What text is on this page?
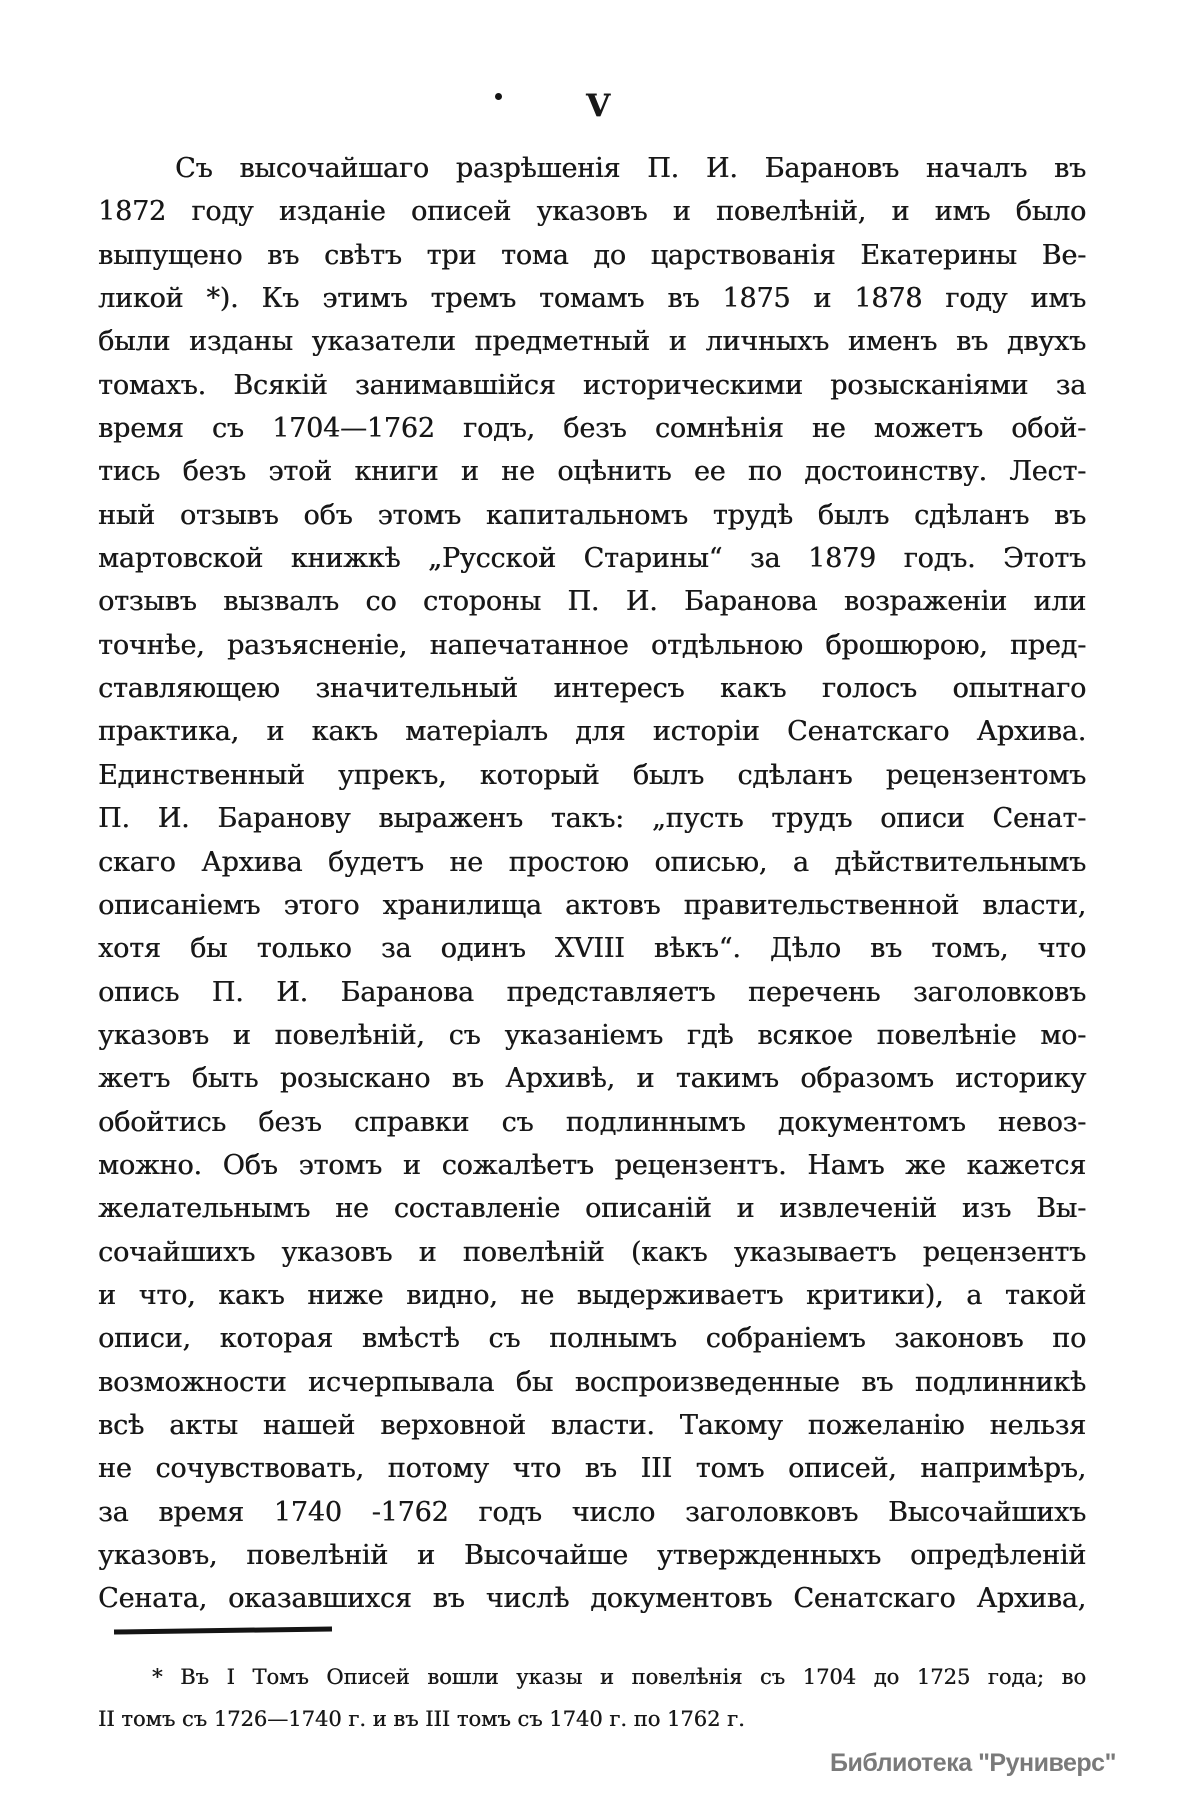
V
Съ высочайшаго разрѣшенія П. И. Барановъ началъ въ
1872 году изданіе описей указовъ и повелѣній, и имъ было
выпущено въ свѣтъ три тома до царствованія Екатерины Ве-
ликой *). Къ этимъ тремъ томамъ въ 1875 и 1878 году имъ
были изданы указатели предметный и личныхъ именъ въ двухъ
томахъ. Всякій занимавшійся историческими розысканіями за
время съ 1704—1762 годъ, безъ сомнѣнія не можетъ обой-
тись безъ этой книги и не оцѣнить ее по достоинству. Лест-
ный отзывъ объ этомъ капитальномъ трудѣ былъ сдѣланъ въ
мартовской книжкѣ „Русской Старины“ за 1879 годъ. Этотъ
отзывъ вызвалъ со стороны П. И. Баранова возраженіи или
точнѣе, разъясненіе, напечатанное отдѣльною брошюрою, пред-
ставляющею значительный интересъ какъ голосъ опытнаго
практика, и какъ матеріалъ для исторіи Сенатскаго Архива.
Единственный упрекъ, который былъ сдѣланъ рецензентомъ
П. И. Баранову выраженъ такъ: „пусть трудъ описи Сенат-
скаго Архива будетъ не простою описью, а дѣйствительнымъ
описаніемъ этого хранилища актовъ правительственной власти,
хотя бы только за одинъ XVIII вѣкъ“. Дѣло въ томъ, что
опись П. И. Баранова представляетъ перечень заголовковъ
указовъ и повелѣній, съ указаніемъ гдѣ всякое повелѣніе мо-
жетъ быть розыскано въ Архивѣ, и такимъ образомъ историку
обойтись безъ справки съ подлиннымъ документомъ невоз-
можно. Объ этомъ и сожалѣетъ рецензентъ. Намъ же кажется
желательнымъ не составленіе описаній и извлеченій изъ Вы-
сочайшихъ указовъ и повелѣній (какъ указываетъ рецензентъ
и что, какъ ниже видно, не выдерживаетъ критики), а такой
описи, которая вмѣстѣ съ полнымъ собраніемъ законовъ по
возможности исчерпывала бы воспроизведенные въ подлинникѣ
всѣ акты нашей верховной власти. Такому пожеланію нельзя
не сочувствовать, потому что въ III томъ описей, напримѣръ,
за время 1740 -1762 годъ число заголовковъ Высочайшихъ
указовъ, повелѣній и Высочайше утвержденныхъ опредѣленій
Сената, оказавшихся въ числѣ документовъ Сенатскаго Архива,
* Въ I Томъ Описей вошли указы и повелѣнія съ 1704 до 1725 года; во
II томъ съ 1726—1740 г. и въ III томъ съ 1740 г. по 1762 г.
Библиотека "Руниверс"
